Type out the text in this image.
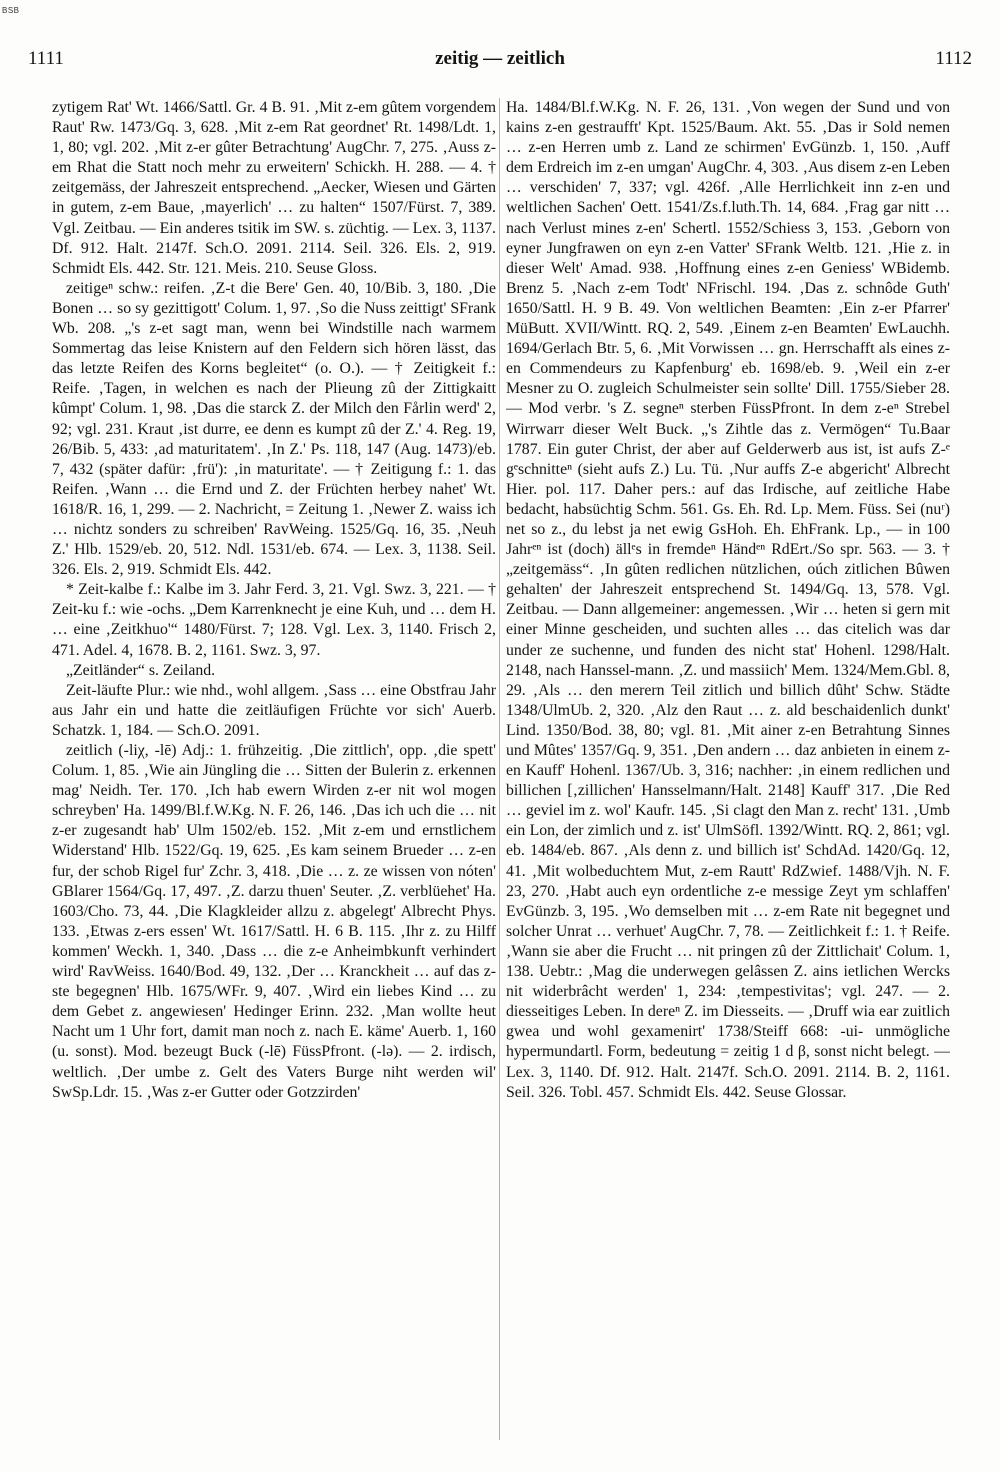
BSB
1111	zeitig — zeitlich	1112

zytigem Rat' Wt. 1466/Sattl. Gr. 4 B. 91. ‚Mit z-em gûtem vorgendem Raut' Rw. 1473/Gq. 3, 628. ‚Mit z-em Rat geordnet' Rt. 1498/Ldt. 1, 1, 80; vgl. 202. ‚Mit z-er gûter Betrachtung' AugChr. 7, 275. ‚Auss z-em Rhat die Statt noch mehr zu erweitern' Schickh. H. 288. — 4. † zeitgemäss, der Jahreszeit entsprechend. „Aecker, Wiesen und Gärten in gutem, z-em Baue, ‚mayerlich' … zu halten“ 1507/Fürst. 7, 389. Vgl. Zeitbau. — Ein anderes tsitik im SW. s. züchtig. — Lex. 3, 1137. Df. 912. Halt. 2147f. Sch.O. 2091. 2114. Seil. 326. Els. 2, 919. Schmidt Els. 442. Str. 121. Meis. 210. Seuse Gloss.

zeitigeⁿ schw.: reifen. ‚Z-t die Bere' Gen. 40, 10/Bib. 3, 180. ‚Die Bonen … so sy gezittigott' Colum. 1, 97. ‚So die Nuss zeittigt' SFrank Wb. 208. „'s z-et sagt man, wenn bei Windstille nach warmem Sommertag das leise Knistern auf den Feldern sich hören lässt, das das letzte Reifen des Korns begleitet“ (o. O.). — † Zeitigkeit f.: Reife. ‚Tagen, in welchen es nach der Plieung zû der Zittigkaitt kûmpt' Colum. 1, 98. ‚Das die starck Z. der Milch den Fårlin werd' 2, 92; vgl. 231. Kraut ‚ist durre, ee denn es kumpt zû der Z.' 4. Reg. 19, 26/Bib. 5, 433: ‚ad maturitatem'. ‚In Z.' Ps. 118, 147 (Aug. 1473)/eb. 7, 432 (später dafür: ‚frü'): ‚in maturitate'. — † Zeitigung f.: 1. das Reifen. ‚Wann … die Ernd und Z. der Früchten herbey nahet' Wt. 1618/R. 16, 1, 299. — 2. Nachricht, = Zeitung 1. ‚Newer Z. waiss ich … nichtz sonders zu schreiben' RavWeing. 1525/Gq. 16, 35. ‚Neuh Z.' Hlb. 1529/eb. 20, 512. Ndl. 1531/eb. 674. — Lex. 3, 1138. Seil. 326. Els. 2, 919. Schmidt Els. 442.

* Zeit-kalbe f.: Kalbe im 3. Jahr Ferd. 3, 21. Vgl. Swz. 3, 221. — † Zeit-ku f.: wie -ochs. „Dem Karrenknecht je eine Kuh, und … dem H. … eine ‚Zeitkhuo'“ 1480/Fürst. 7; 128. Vgl. Lex. 3, 1140. Frisch 2, 471. Adel. 4, 1678. B. 2, 1161. Swz. 3, 97.

„Zeitländer“ s. Zeiland.

Zeit-läufte Plur.: wie nhd., wohl allgem. ‚Sass … eine Obstfrau Jahr aus Jahr ein und hatte die zeitläufigen Früchte vor sich' Auerb. Schatzk. 1, 184. — Sch.O. 2091.

zeitlich (-liχ, -lē) Adj.: 1. frühzeitig. ‚Die zittlich', opp. ‚die spett' Colum. 1, 85. ‚Wie ain Jüngling die … Sitten der Bulerin z. erkennen mag' Neidh. Ter. 170. ‚Ich hab ewern Wirden z-er nit wol mogen schreyben' Ha. 1499/Bl.f.W.Kg. N. F. 26, 146. ‚Das ich uch die … nit z-er zugesandt hab' Ulm 1502/eb. 152. ‚Mit z-em und ernstlichem Widerstand' Hlb. 1522/Gq. 19, 625. ‚Es kam seinem Brueder … z-en fur, der schob Rigel fur' Zchr. 3, 418. ‚Die … z. ze wissen von nóten' GBlarer 1564/Gq. 17, 497. ‚Z. darzu thuen' Seuter. ‚Z. verblüehet' Ha. 1603/Cho. 73, 44. ‚Die Klagkleider allzu z. abgelegt' Albrecht Phys. 133. ‚Etwas z-ers essen' Wt. 1617/Sattl. H. 6 B. 115. ‚Ihr z. zu Hilff kommen' Weckh. 1, 340. ‚Dass … die z-e Anheimbkunft verhindert wird' RavWeiss. 1640/Bod. 49, 132. ‚Der … Kranckheit … auf das z-ste begegnen' Hlb. 1675/WFr. 9, 407. ‚Wird ein liebes Kind … zu dem Gebet z. angewiesen' Hedinger Erinn. 232. ‚Man wollte heut Nacht um 1 Uhr fort, damit man noch z. nach E. käme' Auerb. 1, 160 (u. sonst). Mod. bezeugt Buck (-lē) FüssPfront. (-lə). — 2. irdisch, weltlich. ‚Der umbe z. Gelt des Vaters Burge niht werden wil' SwSp.Ldr. 15. ‚Was z-er Gutter oder Gotzzirden'

Ha. 1484/Bl.f.W.Kg. N. F. 26, 131. ‚Von wegen der Sund und von kains z-en gestraufft' Kpt. 1525/Baum. Akt. 55. ‚Das ir Sold nemen … z-en Herren umb z. Land ze schirmen' EvGünzb. 1, 150. ‚Auff dem Erdreich im z-en umgan' AugChr. 4, 303. ‚Aus disem z-en Leben … verschiden' 7, 337; vgl. 426f. ‚Alle Herrlichkeit inn z-en und weltlichen Sachen' Oett. 1541/Zs.f.luth.Th. 14, 684. ‚Frag gar nitt … nach Verlust mines z-en' Schertl. 1552/Schiess 3, 153. ‚Geborn von eyner Jungfrawen on eyn z-en Vatter' SFrank Weltb. 121. ‚Hie z. in dieser Welt' Amad. 938. ‚Hoffnung eines z-en Geniess' WBidemb. Brenz 5. ‚Nach z-em Todt' NFrischl. 194. ‚Das z. schnôde Guth' 1650/Sattl. H. 9 B. 49. Von weltlichen Beamten: ‚Ein z-er Pfarrer' MüButt. XVII/Wintt. RQ. 2, 549. ‚Einem z-en Beamten' EwLauchh. 1694/Gerlach Btr. 5, 6. ‚Mit Vorwissen … gn. Herrschafft als eines z-en Commendeurs zu Kapfenburg' eb. 1698/eb. 9. ‚Weil ein z-er Mesner zu O. zugleich Schulmeister sein sollte' Dill. 1755/Sieber 28. — Mod verbr. 's Z. segneⁿ sterben FüssPfront. In dem z-eⁿ Strebel Wirrwarr dieser Welt Buck. „'s Zihtle das z. Vermögen“ Tu.Baar 1787. Ein guter Christ, der aber auf Gelderwerb aus ist, ist aufs Z-ᵉ gᵉschnitteⁿ (sieht aufs Z.) Lu. Tü. ‚Nur auffs Z-e abgericht' Albrecht Hier. pol. 117. Daher pers.: auf das Irdische, auf zeitliche Habe bedacht, habsüchtig Schm. 561. Gs. Eh. Rd. Lp. Mem. Füss. Sei (nuʳ) net so z., du lebst ja net ewig GsHoh. Eh. EhFrank. Lp., — in 100 Jahrᵉⁿ ist (doch) ällᵉs in fremdeⁿ Händᵉⁿ RdErt./So spr. 563. — 3. † „zeitgemäss“. ‚In gûten redlichen nützlichen, oúch zitlichen Bûwen gehalten' der Jahreszeit entsprechend St. 1494/Gq. 13, 578. Vgl. Zeitbau. — Dann allgemeiner: angemessen. ‚Wir … heten si gern mit einer Minne gescheiden, und suchten alles … das citelich was dar under ze suchenne, und funden des nicht stat' Hohenl. 1298/Halt. 2148, nach Hanssel-mann. ‚Z. und massiich' Mem. 1324/Mem.Gbl. 8, 29. ‚Als … den merern Teil zitlich und billich dûht' Schw. Städte 1348/UlmUb. 2, 320. ‚Alz den Raut … z. ald beschaidenlich dunkt' Lind. 1350/Bod. 38, 80; vgl. 81. ‚Mit ainer z-en Betrahtung Sinnes und Mûtes' 1357/Gq. 9, 351. ‚Den andern … daz anbieten in einem z-en Kauff' Hohenl. 1367/Ub. 3, 316; nachher: ‚in einem redlichen und billichen [‚zillichen' Hansselmann/Halt. 2148] Kauff' 317. ‚Die Red … geviel im z. wol' Kaufr. 145. ‚Si clagt den Man z. recht' 131. ‚Umb ein Lon, der zimlich und z. ist' UlmSöfl. 1392/Wintt. RQ. 2, 861; vgl. eb. 1484/eb. 867. ‚Als denn z. und billich ist' SchdAd. 1420/Gq. 12, 41. ‚Mit wolbeduchtem Mut, z-em Rautt' RdZwief. 1488/Vjh. N. F. 23, 270. ‚Habt auch eyn ordentliche z-e messige Zeyt ym schlaffen' EvGünzb. 3, 195. ‚Wo demselben mit … z-em Rate nit begegnet und solcher Unrat … verhuet' AugChr. 7, 78. — Zeitlichkeit f.: 1. † Reife. ‚Wann sie aber die Frucht … nit pringen zû der Zittlichait' Colum. 1, 138. Uebtr.: ‚Mag die underwegen gelâssen Z. ains ietlichen Wercks nit widerbrâcht werden' 1, 234: ‚tempestivitas'; vgl. 247. — 2. diesseitiges Leben. In dereⁿ Z. im Diesseits. — ‚Druff wia ear zuitlich gwea und wohl gexamenirt' 1738/Steiff 668: -ui- unmögliche hypermundartl. Form, bedeutung = zeitig 1 d β, sonst nicht belegt. — Lex. 3, 1140. Df. 912. Halt. 2147f. Sch.O. 2091. 2114. B. 2, 1161. Seil. 326. Tobl. 457. Schmidt Els. 442. Seuse Glossar.
